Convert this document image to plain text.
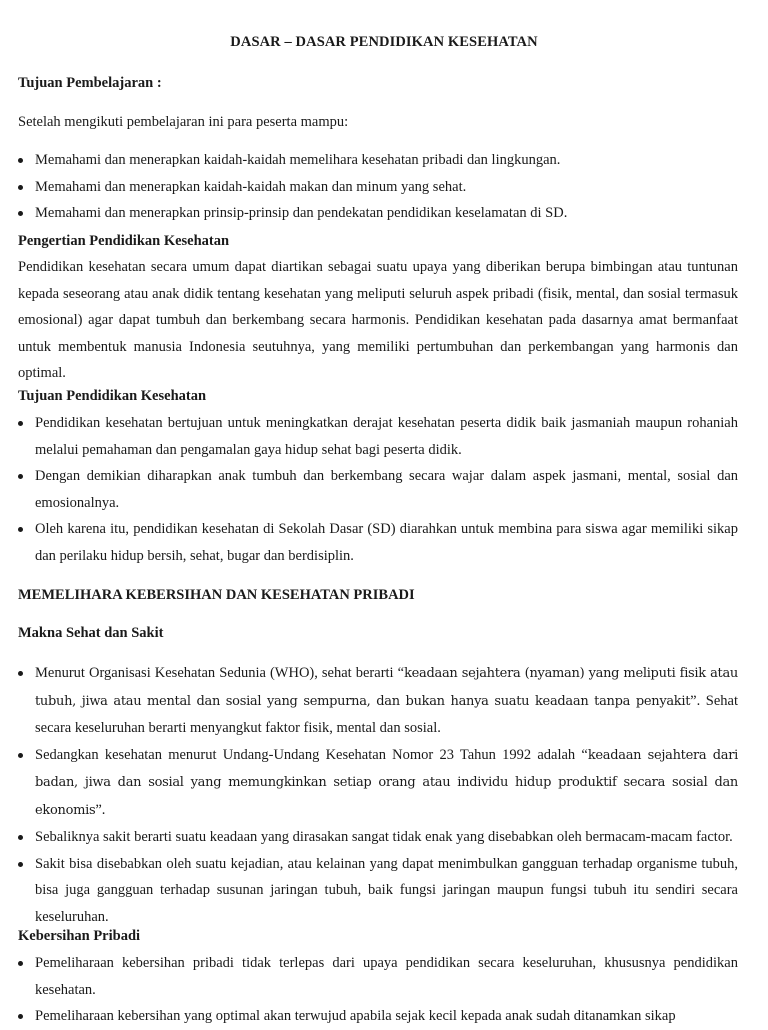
DASAR – DASAR PENDIDIKAN KESEHATAN
Tujuan Pembelajaran :
Setelah mengikuti pembelajaran ini para peserta mampu:
Memahami dan menerapkan kaidah-kaidah memelihara kesehatan pribadi dan lingkungan.
Memahami dan menerapkan kaidah-kaidah makan dan minum yang sehat.
Memahami dan menerapkan prinsip-prinsip dan pendekatan pendidikan keselamatan di SD.
Pengertian Pendidikan Kesehatan
Pendidikan kesehatan secara umum dapat diartikan sebagai suatu upaya yang diberikan berupa bimbingan atau tuntunan kepada seseorang atau anak didik tentang kesehatan yang meliputi seluruh aspek pribadi (fisik, mental, dan sosial termasuk emosional) agar dapat tumbuh dan berkembang secara harmonis. Pendidikan kesehatan pada dasarnya amat bermanfaat untuk membentuk manusia Indonesia seutuhnya, yang memiliki pertumbuhan dan perkembangan yang harmonis dan optimal.
Tujuan Pendidikan Kesehatan
Pendidikan kesehatan bertujuan untuk meningkatkan derajat kesehatan peserta didik baik jasmaniah maupun rohaniah melalui pemahaman dan pengamalan gaya hidup sehat bagi peserta didik.
Dengan demikian diharapkan anak tumbuh dan berkembang secara wajar dalam aspek jasmani, mental, sosial dan emosionalnya.
Oleh karena itu, pendidikan kesehatan di Sekolah Dasar (SD) diarahkan untuk membina para siswa agar memiliki sikap dan perilaku hidup bersih, sehat, bugar dan berdisiplin.
MEMELIHARA KEBERSIHAN DAN KESEHATAN PRIBADI
Makna Sehat dan Sakit
Menurut Organisasi Kesehatan Sedunia (WHO), sehat berarti “keadaan sejahtera (nyaman) yang meliputi fisik atau tubuh, jiwa atau mental dan sosial yang sempurna, dan bukan hanya suatu keadaan tanpa penyakit”. Sehat secara keseluruhan berarti menyangkut faktor fisik, mental dan sosial.
Sedangkan kesehatan menurut Undang-Undang Kesehatan Nomor 23 Tahun 1992 adalah “keadaan sejahtera dari badan, jiwa dan sosial yang memungkinkan setiap orang atau individu hidup produktif secara sosial dan ekonomis”.
Sebaliknya sakit berarti suatu keadaan yang dirasakan sangat tidak enak yang disebabkan oleh bermacam-macam factor.
Sakit bisa disebabkan oleh suatu kejadian, atau kelainan yang dapat menimbulkan gangguan terhadap organisme tubuh, bisa juga gangguan terhadap susunan jaringan tubuh, baik fungsi jaringan maupun fungsi tubuh itu sendiri secara keseluruhan.
Kebersihan Pribadi
Pemeliharaan kebersihan pribadi tidak terlepas dari upaya pendidikan secara keseluruhan, khususnya pendidikan kesehatan.
Pemeliharaan kebersihan yang optimal akan terwujud apabila sejak kecil kepada anak sudah ditanamkan sikap
